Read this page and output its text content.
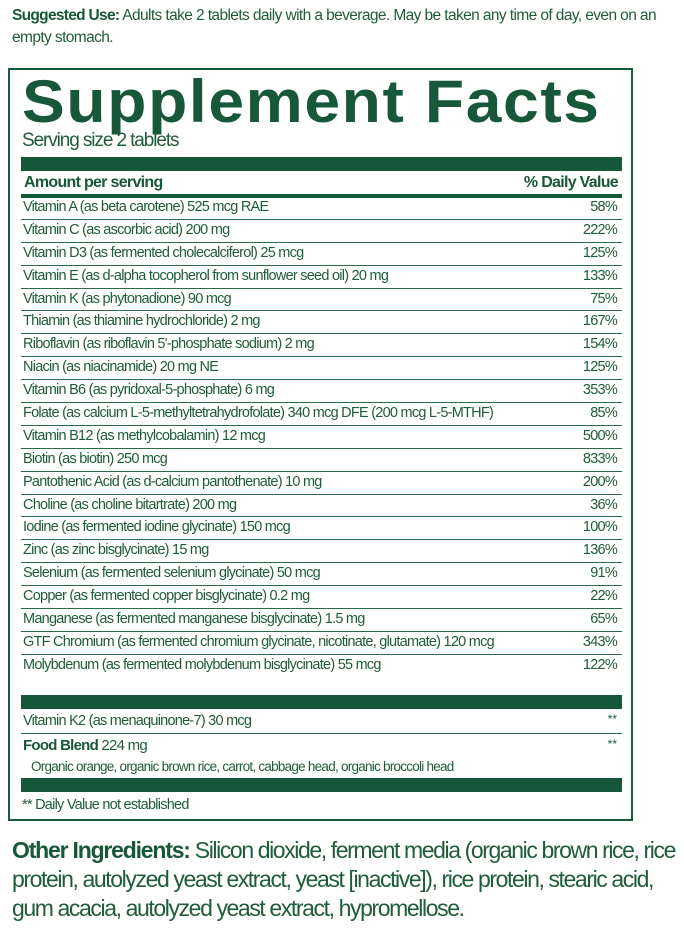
Suggested Use: Adults take 2 tablets daily with a beverage. May be taken any time of day, even on an empty stomach.
Supplement Facts
Serving size 2 tablets
Amount per serving	% Daily Value
Vitamin A (as beta carotene) 525 mcg RAE	58%
Vitamin C (as ascorbic acid) 200 mg	222%
Vitamin D3 (as fermented cholecalciferol) 25 mcg	125%
Vitamin E (as d-alpha tocopherol from sunflower seed oil) 20 mg	133%
Vitamin K (as phytonadione) 90 mcg	75%
Thiamin (as thiamine hydrochloride) 2 mg	167%
Riboflavin (as riboflavin 5'-phosphate sodium) 2 mg	154%
Niacin (as niacinamide) 20 mg NE	125%
Vitamin B6 (as pyridoxal-5-phosphate) 6 mg	353%
Folate (as calcium L-5-methyltetrahydrofolate) 340 mcg DFE (200 mcg L-5-MTHF)	85%
Vitamin B12 (as methylcobalamin) 12 mcg	500%
Biotin (as biotin) 250 mcg	833%
Pantothenic Acid (as d-calcium pantothenate) 10 mg	200%
Choline (as choline bitartrate) 200 mg	36%
Iodine (as fermented iodine glycinate) 150 mcg	100%
Zinc (as zinc bisglycinate) 15 mg	136%
Selenium (as fermented selenium glycinate) 50 mcg	91%
Copper (as fermented copper bisglycinate) 0.2 mg	22%
Manganese (as fermented manganese bisglycinate) 1.5 mg	65%
GTF Chromium (as fermented chromium glycinate, nicotinate, glutamate) 120 mcg	343%
Molybdenum (as fermented molybdenum bisglycinate) 55 mcg	122%
Vitamin K2 (as menaquinone-7) 30 mcg	**
Food Blend 224 mg	**
Organic orange, organic brown rice, carrot, cabbage head, organic broccoli head
** Daily Value not established
Other Ingredients: Silicon dioxide, ferment media (organic brown rice, rice protein, autolyzed yeast extract, yeast [inactive]), rice protein, stearic acid, gum acacia, autolyzed yeast extract, hypromellose.
